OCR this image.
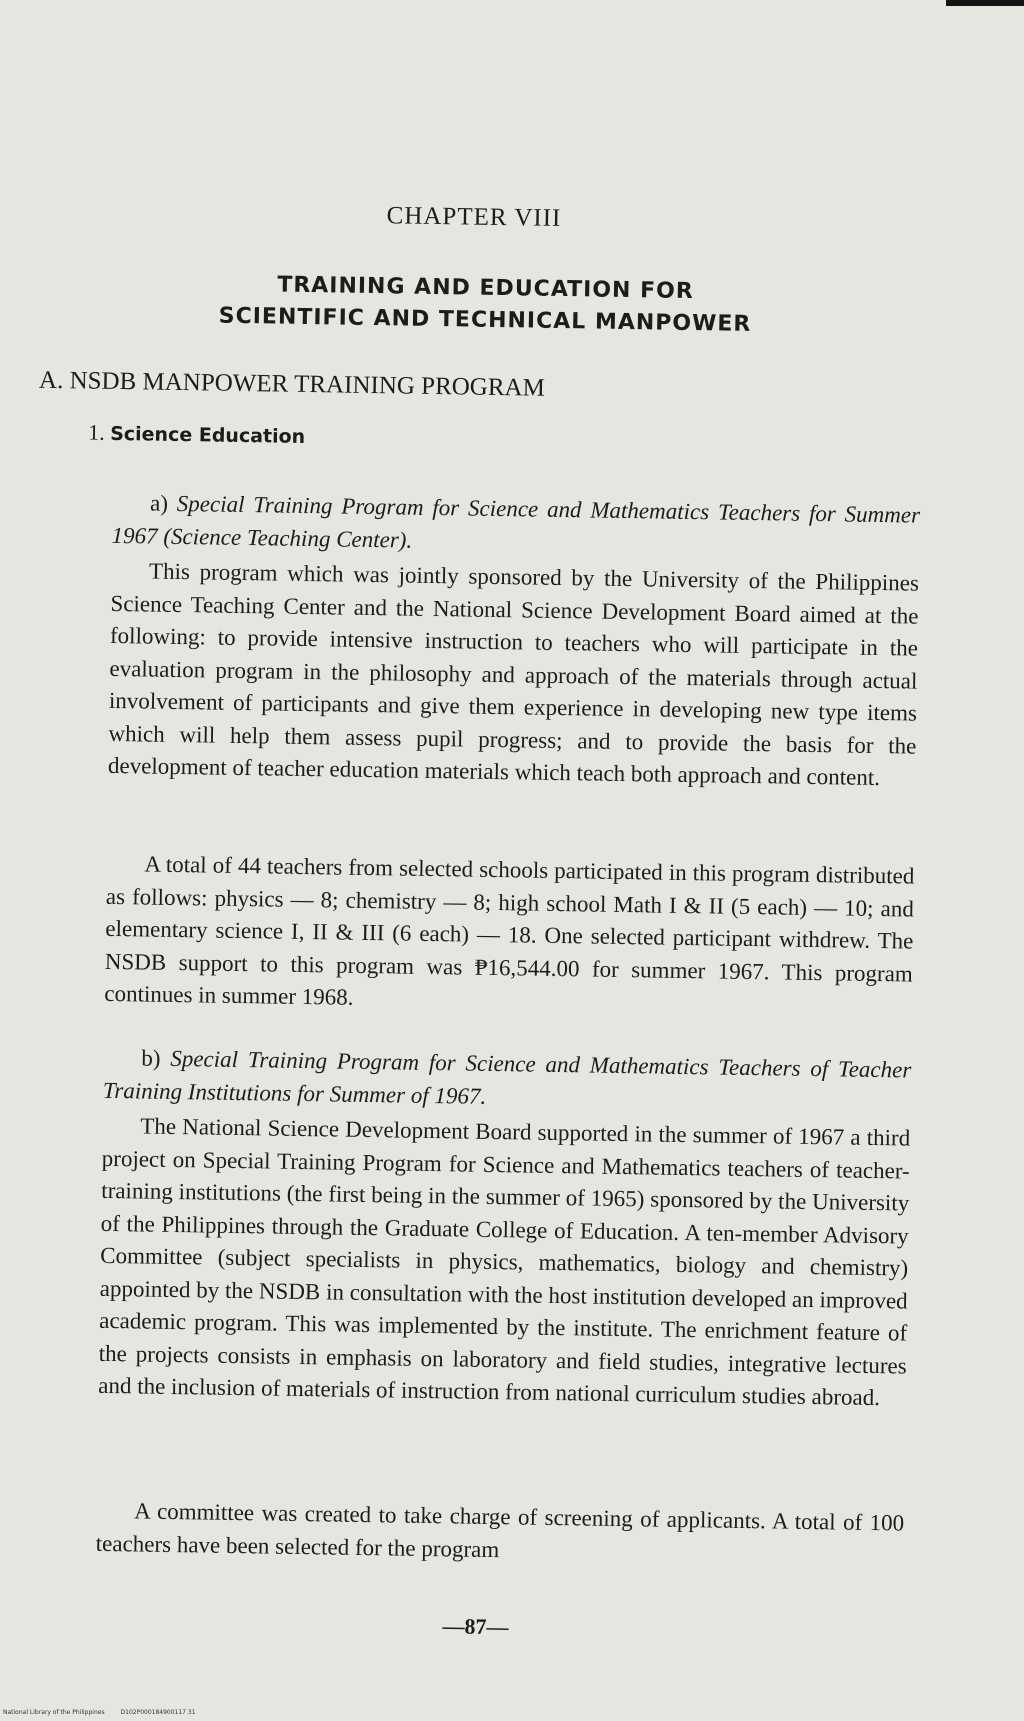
CHAPTER VIII
TRAINING AND EDUCATION FOR
SCIENTIFIC AND TECHNICAL MANPOWER
A. NSDB MANPOWER TRAINING PROGRAM

1. Science Education

a) Special Training Program for Science and Mathematics Teachers for Summer 1967 (Science Teaching Center).

This program which was jointly sponsored by the University of the Philippines Science Teaching Center and the National Science Development Board aimed at the following: to provide intensive instruction to teachers who will participate in the evaluation program in the philosophy and approach of the materials through actual involvement of participants and give them experience in developing new type items which will help them assess pupil progress; and to provide the basis for the development of teacher education materials which teach both approach and content.

A total of 44 teachers from selected schools participated in this program distributed as follows: physics — 8; chemistry — 8; high school Math I & II (5 each) — 10; and elementary science I, II & III (6 each) — 18. One selected participant withdrew. The NSDB support to this program was ₱16,544.00 for summer 1967. This program continues in summer 1968.

b) Special Training Program for Science and Mathematics Teachers of Teacher Training Institutions for Summer of 1967.

The National Science Development Board supported in the summer of 1967 a third project on Special Training Program for Science and Mathematics teachers of teacher-training institutions (the first being in the summer of 1965) sponsored by the University of the Philippines through the Graduate College of Education. A ten-member Advisory Committee (subject specialists in physics, mathematics, biology and chemistry) appointed by the NSDB in consultation with the host institution developed an improved academic program. This was implemented by the institute. The enrichment feature of the projects consists in emphasis on laboratory and field studies, integrative lectures and the inclusion of materials of instruction from national curriculum studies abroad.

A committee was created to take charge of screening of applicants. A total of 100 teachers have been selected for the program

—87—

National Library of the Philippines	D102P000184900117 31
